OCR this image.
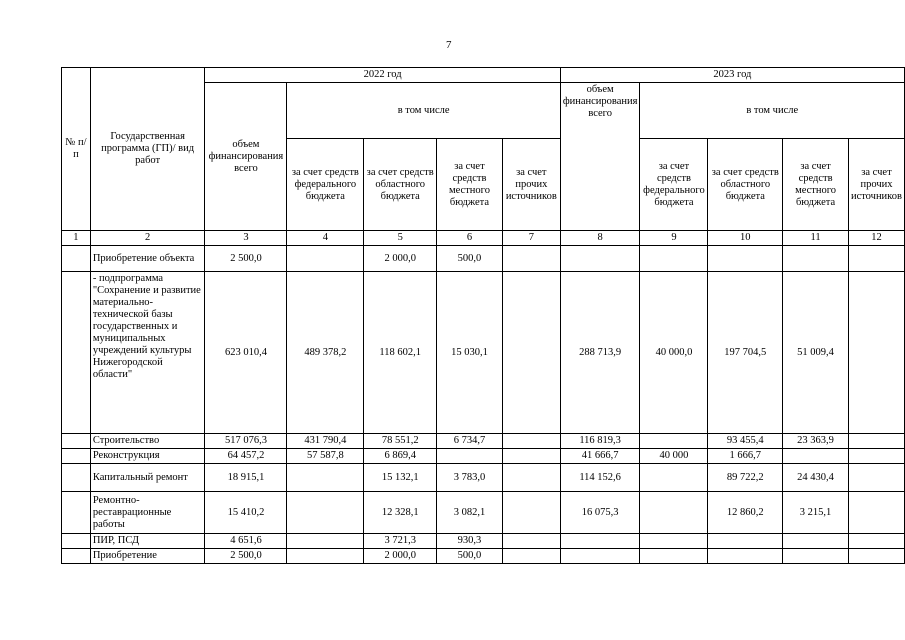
7
№ п/п	Государственная программа (ГП)/ вид работ	2022 год					2023 год				
		объем финансирования всего	в том числе				объем финансирования всего	в том числе			
			за счет средств федерального бюджета	за счет средств областного бюджета	за счет средств местного бюджета	за счет прочих источников		за счет средств федерального бюджета	за счет средств областного бюджета	за счет средств местного бюджета	за счет прочих источников
1	2	3	4	5	6	7	8	9	10	11	12
	Приобретение объекта	2 500,0		2 000,0	500,0						
	- подпрограмма "Сохранение и развитие материально-технической базы государственных и муниципальных учреждений культуры Нижегородской области"	623 010,4	489 378,2	118 602,1	15 030,1		288 713,9	40 000,0	197 704,5	51 009,4	
	Строительство	517 076,3	431 790,4	78 551,2	6 734,7		116 819,3		93 455,4	23 363,9	
	Реконструкция	64 457,2	57 587,8	6 869,4			41 666,7	40 000	1 666,7		
	Капитальный ремонт	18 915,1		15 132,1	3 783,0		114 152,6		89 722,2	24 430,4	
	Ремонтно-реставрационные работы	15 410,2		12 328,1	3 082,1		16 075,3		12 860,2	3 215,1	
	ПИР, ПСД	4 651,6		3 721,3	930,3						
	Приобретение	2 500,0		2 000,0	500,0						
